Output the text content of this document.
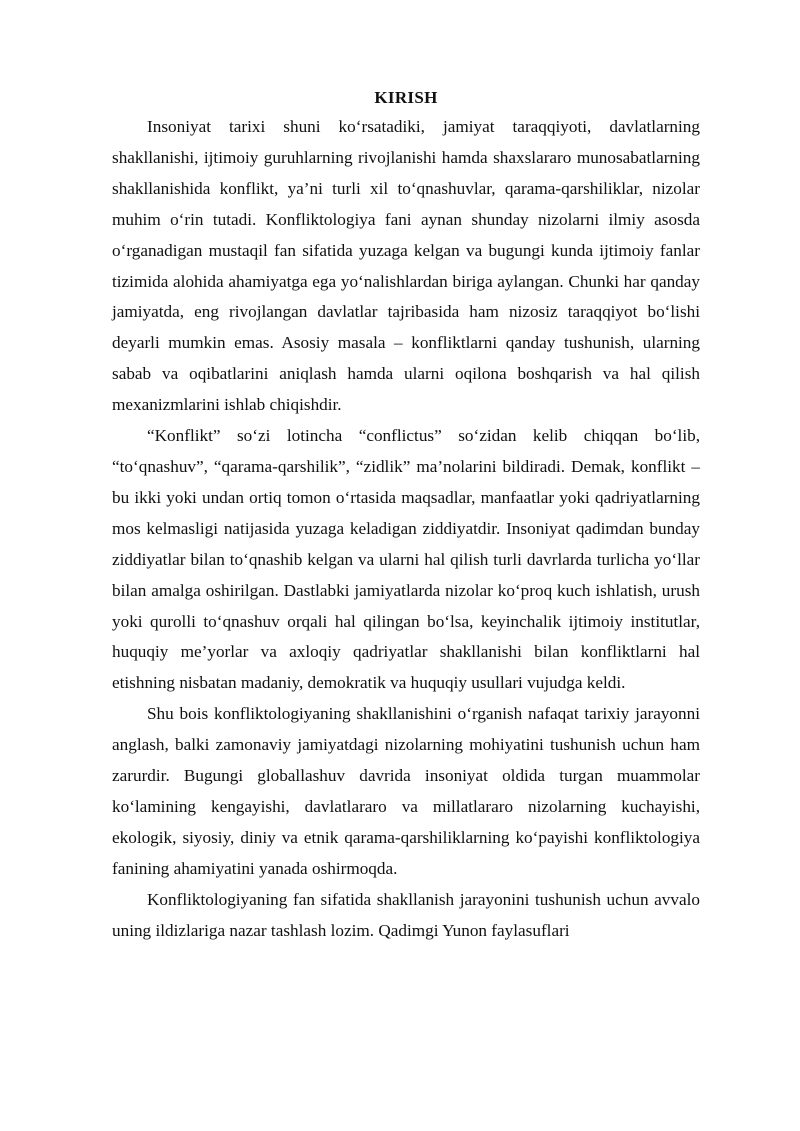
KIRISH

Insoniyat tarixi shuni ko‘rsatadiki, jamiyat taraqqiyoti, davlatlarning shakllanishi, ijtimoiy guruhlarning rivojlanishi hamda shaxslararo munosabatlarning shakllanishida konflikt, ya’ni turli xil to‘qnashuvlar, qarama-qarshiliklar, nizolar muhim o‘rin tutadi. Konfliktologiya fani aynan shunday nizolarni ilmiy asosda o‘rganadigan mustaqil fan sifatida yuzaga kelgan va bugungi kunda ijtimoiy fanlar tizimida alohida ahamiyatga ega yo‘nalishlardan biriga aylangan. Chunki har qanday jamiyatda, eng rivojlangan davlatlar tajribasida ham nizosiz taraqqiyot bo‘lishi deyarli mumkin emas. Asosiy masala – konfliktlarni qanday tushunish, ularning sabab va oqibatlarini aniqlash hamda ularni oqilona boshqarish va hal qilish mexanizmlarini ishlab chiqishdir.

“Konflikt” so‘zi lotincha “conflictus” so‘zidan kelib chiqqan bo‘lib, “to‘qnashuv”, “qarama-qarshilik”, “zidlik” ma’nolarini bildiradi. Demak, konflikt – bu ikki yoki undan ortiq tomon o‘rtasida maqsadlar, manfaatlar yoki qadriyatlarning mos kelmasligi natijasida yuzaga keladigan ziddiyatdir. Insoniyat qadimdan bunday ziddiyatlar bilan to‘qnashib kelgan va ularni hal qilish turli davrlarda turlicha yo‘llar bilan amalga oshirilgan. Dastlabki jamiyatlarda nizolar ko‘proq kuch ishlatish, urush yoki qurolli to‘qnashuv orqali hal qilingan bo‘lsa, keyinchalik ijtimoiy institutlar, huquqiy me’yorlar va axloqiy qadriyatlar shakllanishi bilan konfliktlarni hal etishning nisbatan madaniy, demokratik va huquqiy usullari vujudga keldi.

Shu bois konfliktologiyaning shakllanishini o‘rganish nafaqat tarixiy jarayonni anglash, balki zamonaviy jamiyatdagi nizolarning mohiyatini tushunish uchun ham zarurdir. Bugungi globallashuv davrida insoniyat oldida turgan muammolar ko‘lamining kengayishi, davlatlararo va millatlararo nizolarning kuchayishi, ekologik, siyosiy, diniy va etnik qarama-qarshiliklarning ko‘payishi konfliktologiya fanining ahamiyatini yanada oshirmoqda.

Konfliktologiyaning fan sifatida shakllanish jarayonini tushunish uchun avvalo uning ildizlariga nazar tashlash lozim. Qadimgi Yunon faylasuflari
